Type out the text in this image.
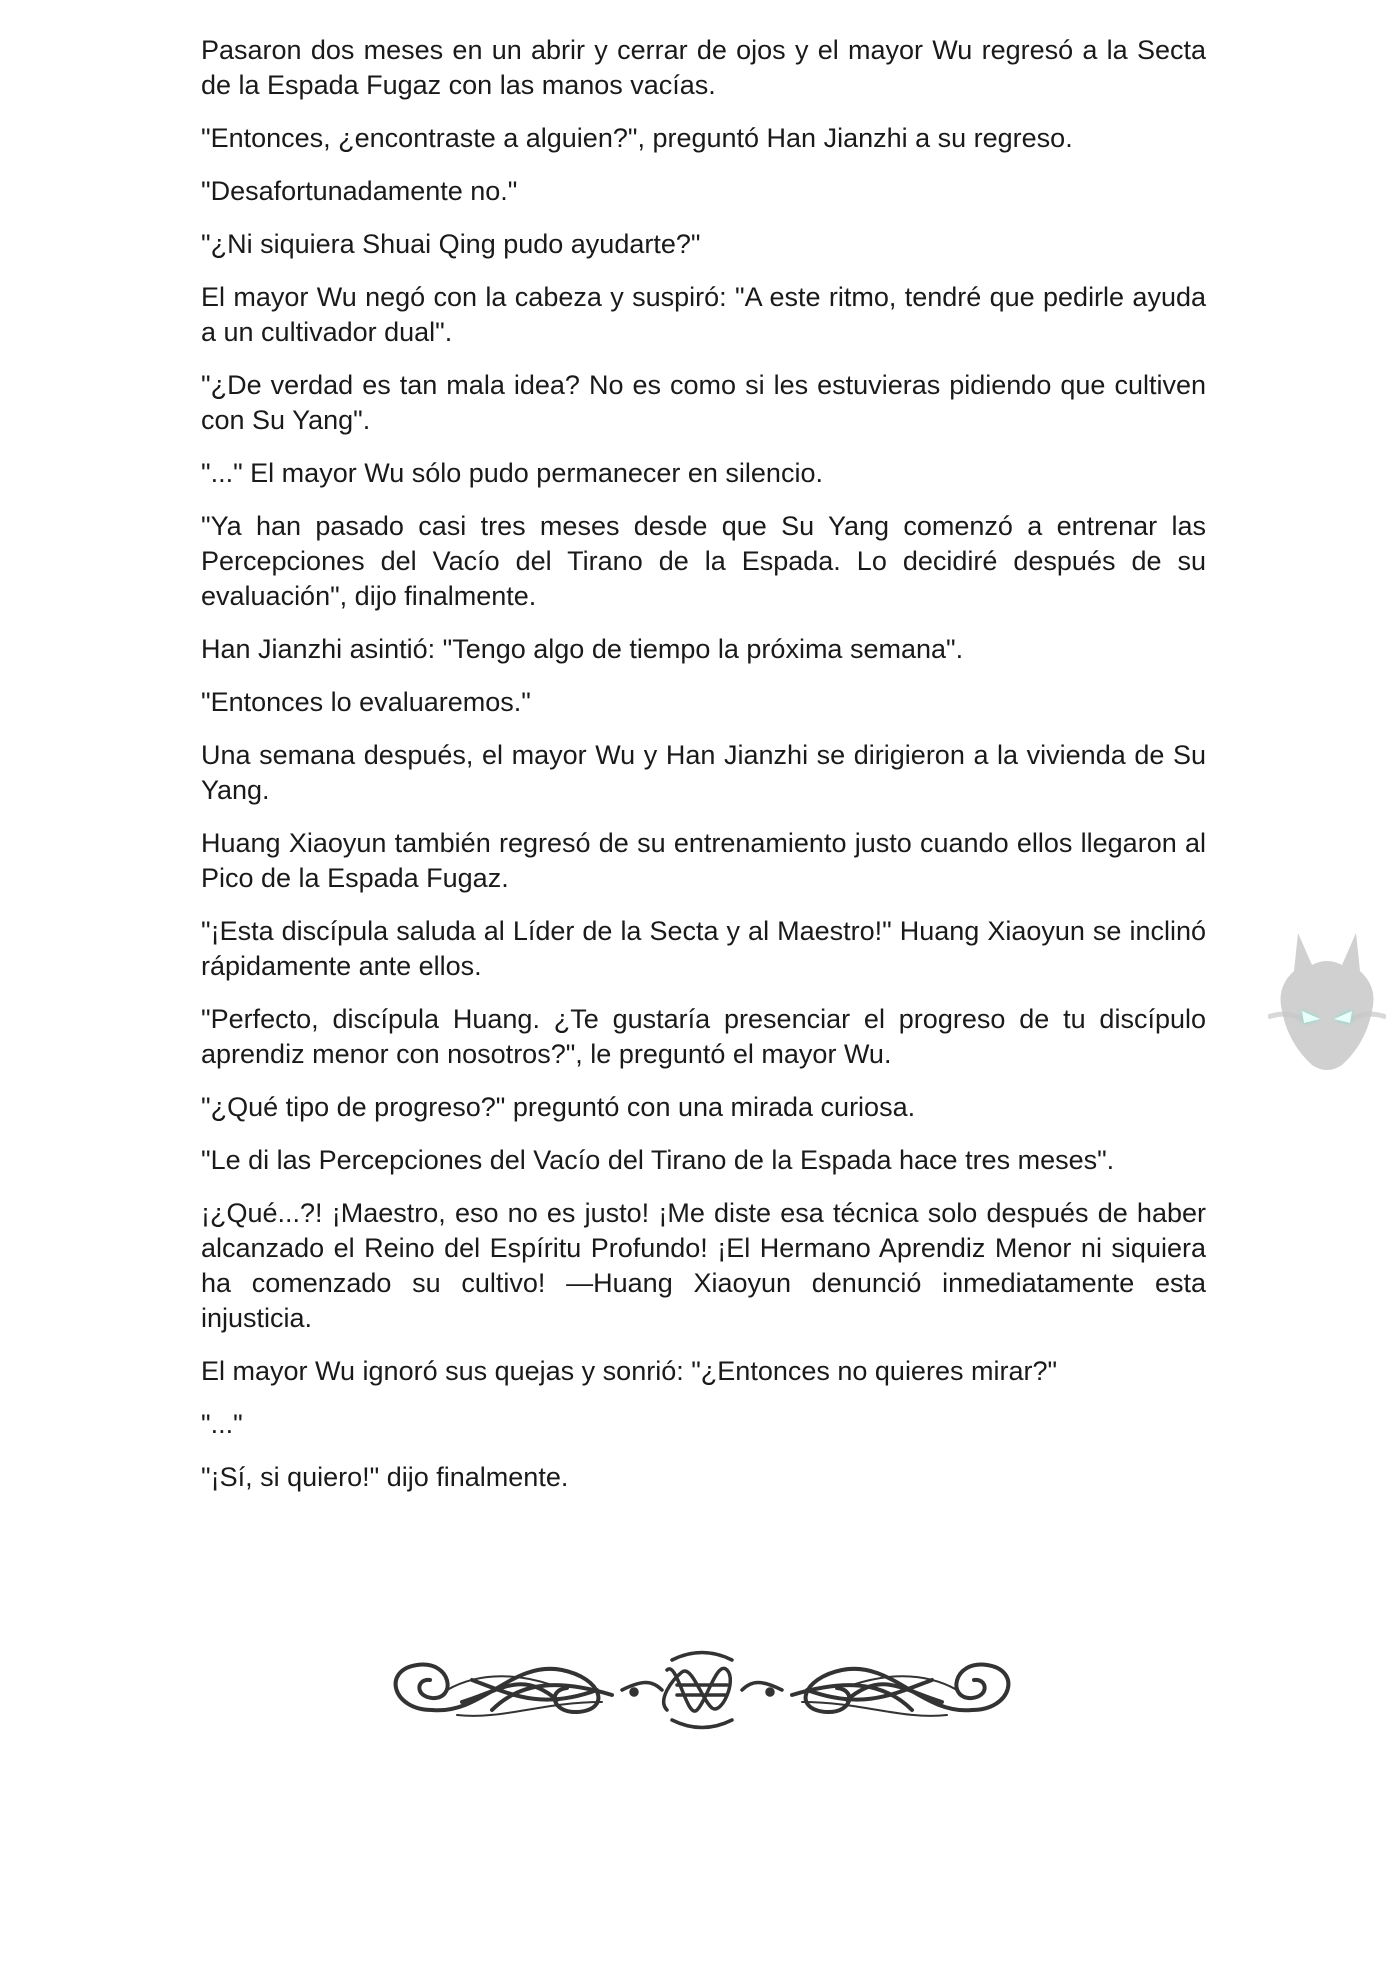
Pasaron dos meses en un abrir y cerrar de ojos y el mayor Wu regresó a la Secta de la Espada Fugaz con las manos vacías.

"Entonces, ¿encontraste a alguien?", preguntó Han Jianzhi a su regreso.

"Desafortunadamente no."

"¿Ni siquiera Shuai Qing pudo ayudarte?"

El mayor Wu negó con la cabeza y suspiró: "A este ritmo, tendré que pedirle ayuda a un cultivador dual".

"¿De verdad es tan mala idea? No es como si les estuvieras pidiendo que cultiven con Su Yang".

"..." El mayor Wu sólo pudo permanecer en silencio.

"Ya han pasado casi tres meses desde que Su Yang comenzó a entrenar las Percepciones del Vacío del Tirano de la Espada. Lo decidiré después de su evaluación", dijo finalmente.

Han Jianzhi asintió: "Tengo algo de tiempo la próxima semana".

"Entonces lo evaluaremos."

Una semana después, el mayor Wu y Han Jianzhi se dirigieron a la vivienda de Su Yang.

Huang Xiaoyun también regresó de su entrenamiento justo cuando ellos llegaron al Pico de la Espada Fugaz.

"¡Esta discípula saluda al Líder de la Secta y al Maestro!" Huang Xiaoyun se inclinó rápidamente ante ellos.

"Perfecto, discípula Huang. ¿Te gustaría presenciar el progreso de tu discípulo aprendiz menor con nosotros?", le preguntó el mayor Wu.

"¿Qué tipo de progreso?" preguntó con una mirada curiosa.

"Le di las Percepciones del Vacío del Tirano de la Espada hace tres meses".

¡¿Qué...?! ¡Maestro, eso no es justo! ¡Me diste esa técnica solo después de haber alcanzado el Reino del Espíritu Profundo! ¡El Hermano Aprendiz Menor ni siquiera ha comenzado su cultivo! —Huang Xiaoyun denunció inmediatamente esta injusticia.

El mayor Wu ignoró sus quejas y sonrió: "¿Entonces no quieres mirar?"

"..."

"¡Sí, si quiero!" dijo finalmente.
